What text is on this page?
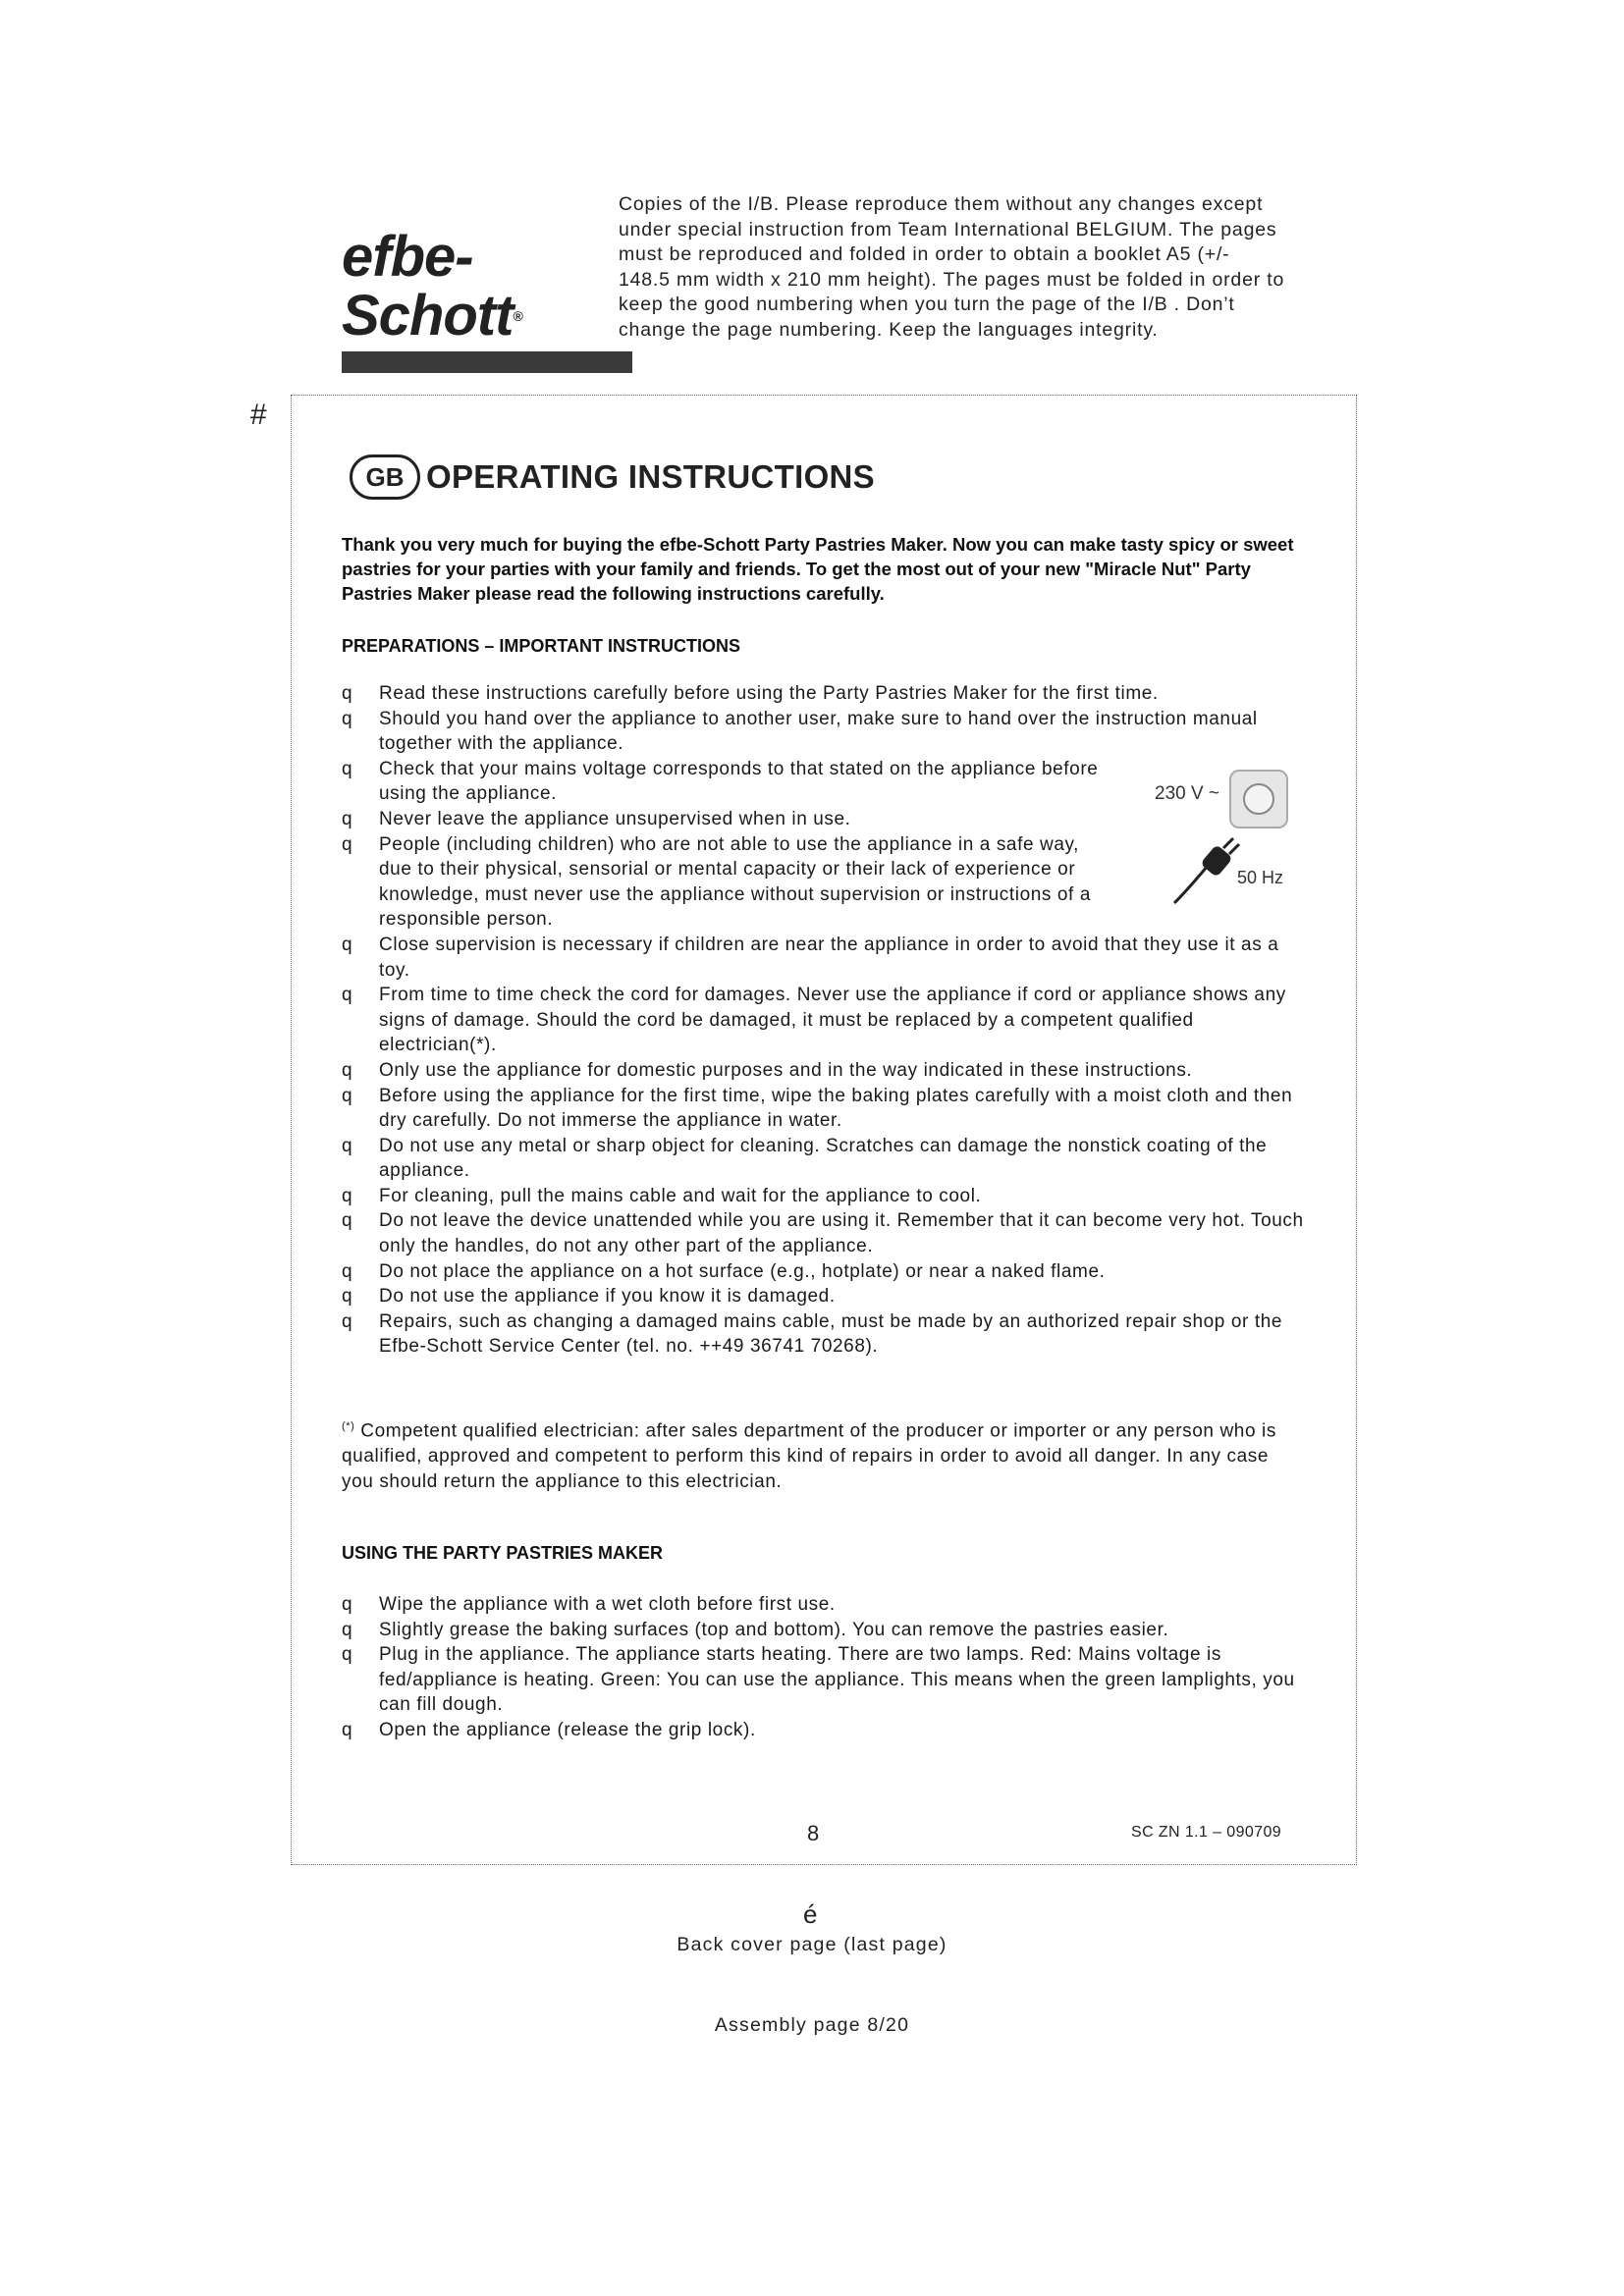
efbe-Schott®
Copies of the I/B. Please reproduce them without any changes except under special instruction from Team International BELGIUM. The pages must be reproduced and folded in order to obtain a booklet A5 (+/- 148.5 mm width x 210 mm height). The pages must be folded in order to keep the good numbering when you turn the page of the I/B . Don’t change the page numbering. Keep the languages integrity.
#
GB OPERATING INSTRUCTIONS
Thank you very much for buying the efbe-Schott Party Pastries Maker. Now you can make tasty spicy or sweet pastries for your parties with your family and friends. To get the most out of your new "Miracle Nut" Party Pastries Maker please read the following instructions carefully.
PREPARATIONS – IMPORTANT INSTRUCTIONS
q Read these instructions carefully before using the Party Pastries Maker for the first time.
q Should you hand over the appliance to another user, make sure to hand over the instruction manual together with the appliance.
q Check that your mains voltage corresponds to that stated on the appliance before using the appliance.
q Never leave the appliance unsupervised when in use.
q People (including children) who are not able to use the appliance in a safe way, due to their physical, sensorial or mental capacity or their lack of experience or knowledge, must never use the appliance without supervision or instructions of a responsible person.
q Close supervision is necessary if children are near the appliance in order to avoid that they use it as a toy.
q From time to time check the cord for damages. Never use the appliance if cord or appliance shows any signs of damage. Should the cord be damaged, it must be replaced by a competent qualified electrician(*).
q Only use the appliance for domestic purposes and in the way indicated in these instructions.
q Before using the appliance for the first time, wipe the baking plates carefully with a moist cloth and then dry carefully. Do not immerse the appliance in water.
q Do not use any metal or sharp object for cleaning. Scratches can damage the nonstick coating of the appliance.
q For cleaning, pull the mains cable and wait for the appliance to cool.
q Do not leave the device unattended while you are using it. Remember that it can become very hot. Touch only the handles, do not any other part of the appliance.
q Do not place the appliance on a hot surface (e.g., hotplate) or near a naked flame.
q Do not use the appliance if you know it is damaged.
q Repairs, such as changing a damaged mains cable, must be made by an authorized repair shop or the Efbe-Schott Service Center (tel. no. ++49 36741 70268).
230 V ~
50 Hz
(*) Competent qualified electrician: after sales department of the producer or importer or any person who is qualified, approved and competent to perform this kind of repairs in order to avoid all danger. In any case you should return the appliance to this electrician.
USING THE PARTY PASTRIES MAKER
q Wipe the appliance with a wet cloth before first use.
q Slightly grease the baking surfaces (top and bottom). You can remove the pastries easier.
q Plug in the appliance. The appliance starts heating. There are two lamps. Red: Mains voltage is fed/appliance is heating. Green: You can use the appliance. This means when the green lamplights, you can fill dough.
q Open the appliance (release the grip lock).
8	SC ZN 1.1 – 090709
é
Back cover page (last page)
Assembly page 8/20
